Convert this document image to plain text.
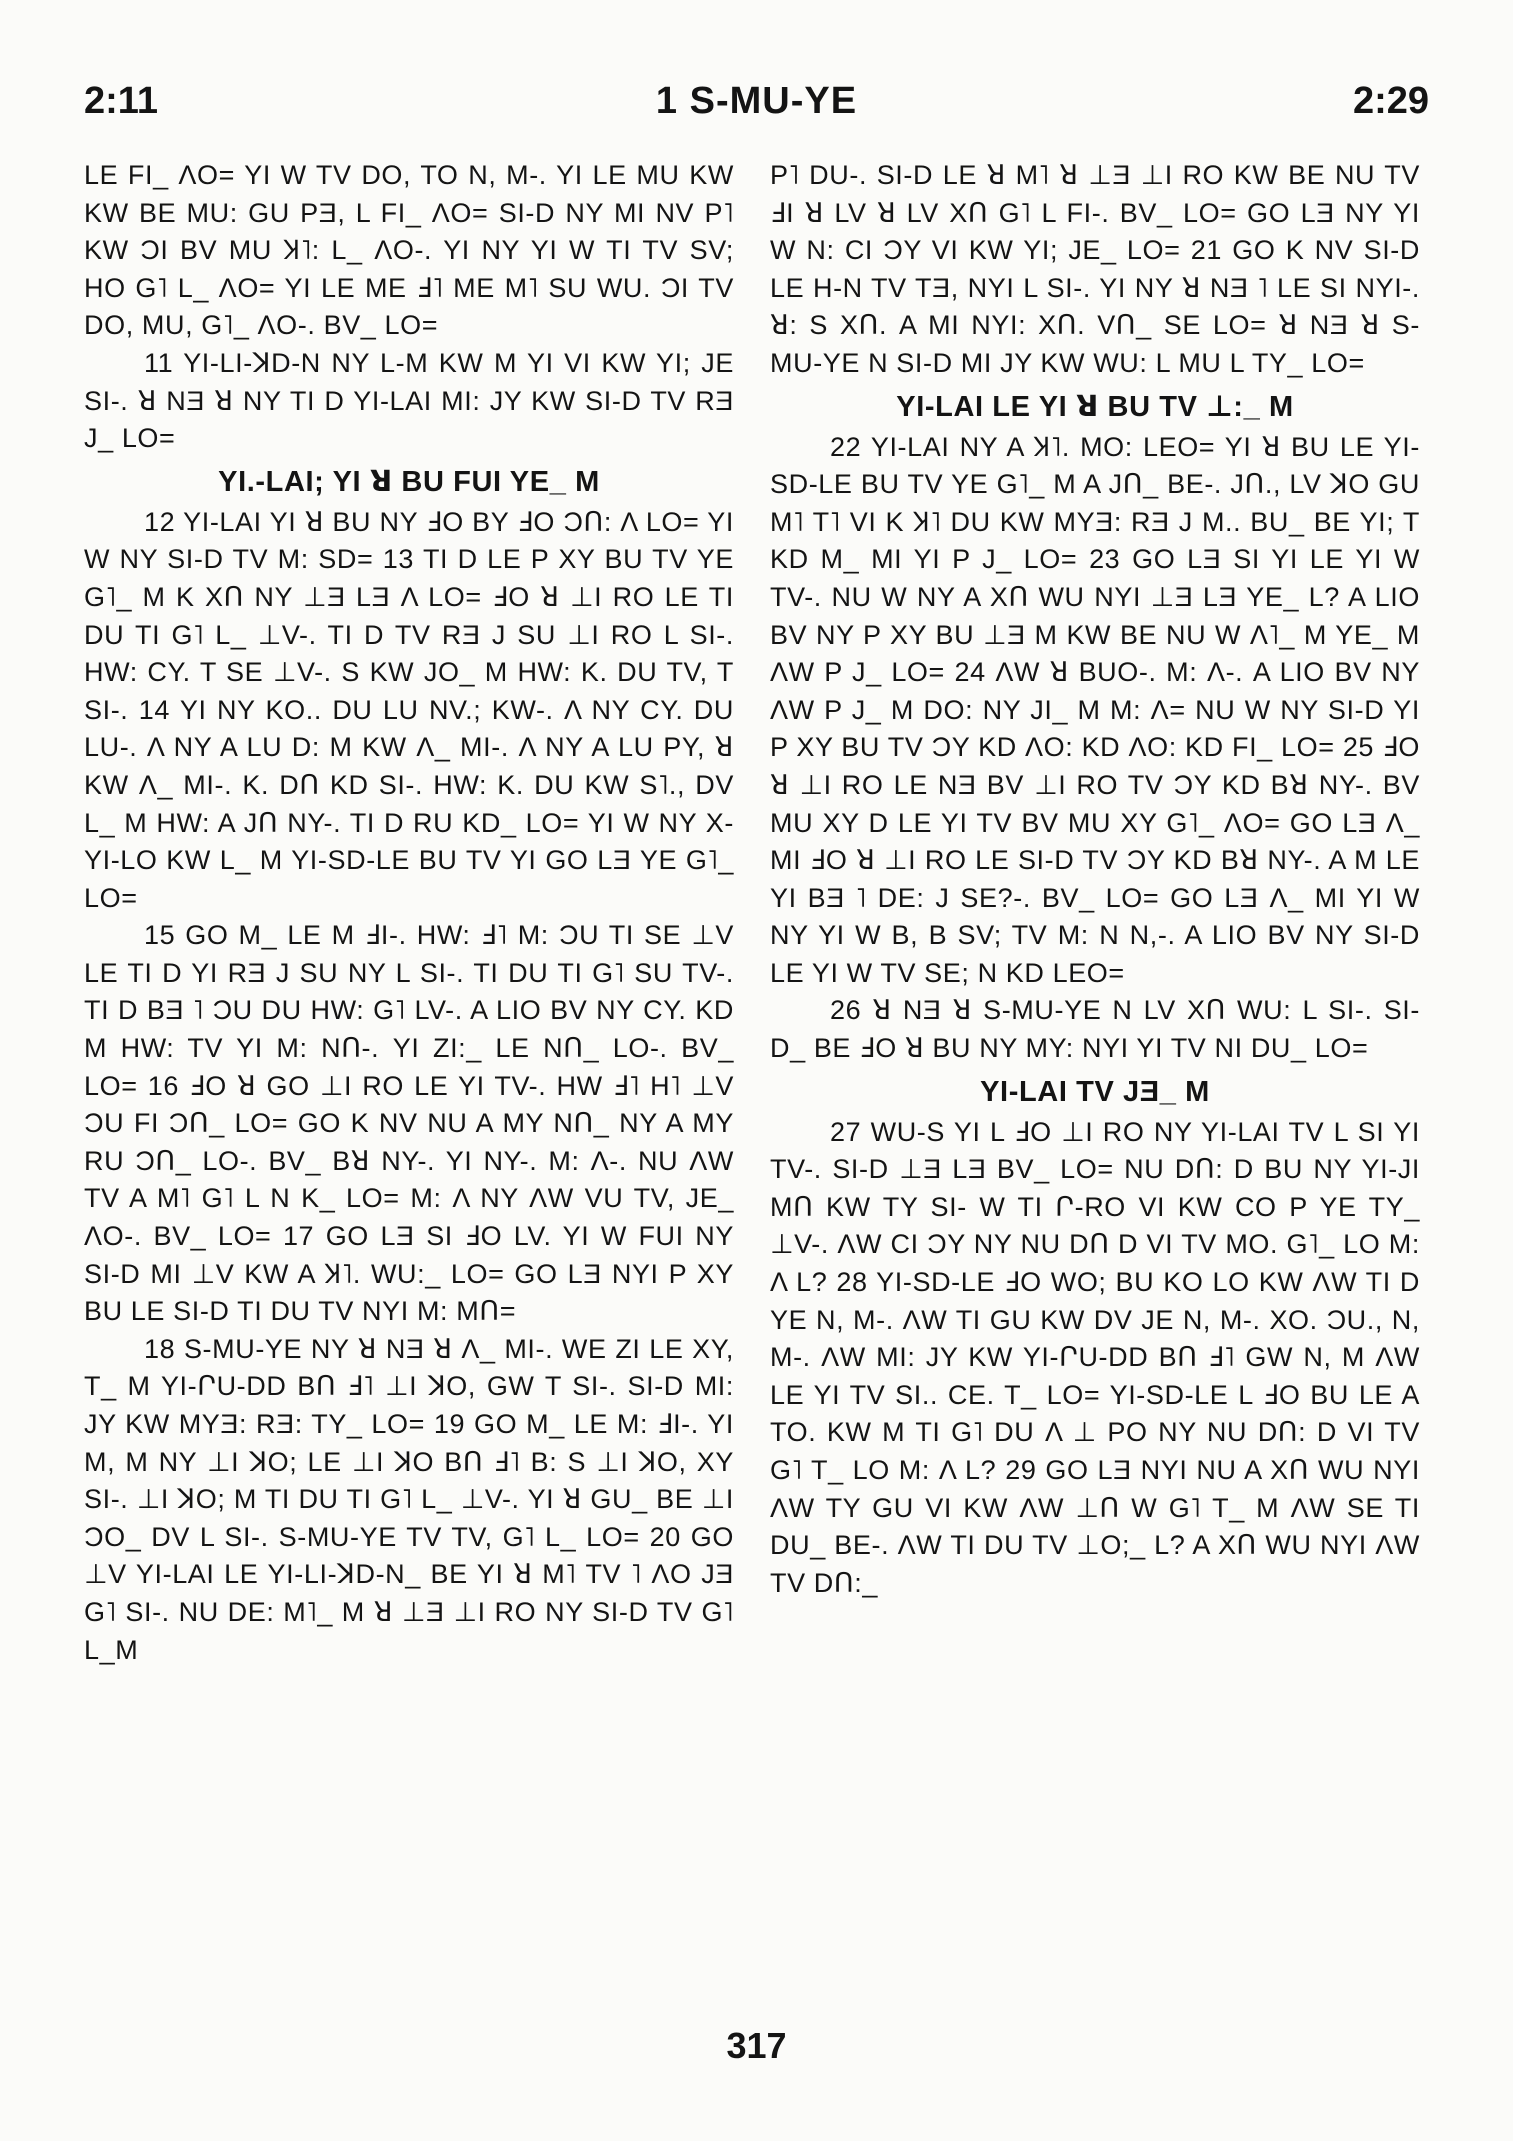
2:11	1 S-MU-YE	2:29

LE FI_ ΛO= YI W TV DO, TO N, M-. YI LE MU KW KW BE MU: GU PƎ, L FI_ ΛO= SI-D NY MI NV P˥ KW ƆI BV MU Ʞ˥: L_ ΛO-. YI NY YI W TI TV SV; HO G˥ L_ ΛO= YI LE ME Ⅎ˥ ME M˥ SU WU. ƆI TV DO, MU, G˥_ ΛO-. BV_ LO=

11 YI-LI-ꓘD-N NY L-M KW M YI VI KW YI; JE SI-. ꓤ NƎ ꓤ NY TI D YI-LAI MI: JY KW SI-D TV RƎ J_ LO=

YI.-LAI; YI ꓤ BU FUI YE_ M

12 YI-LAI YI ꓤ BU NY ℲO BY ℲO ƆՈ: Λ LO= YI W NY SI-D TV M: SD= 13 TI D LE P XY BU TV YE G˥_ M K XՈ NY ⊥Ǝ LƎ Λ LO= ℲO ꓤ ⊥I RO LE TI DU TI G˥ L_ ⊥V-. TI D TV RƎ J SU ⊥I RO L SI-. HW: CY. T SE ⊥V-. S KW JO_ M HW: K. DU TV, T SI-. 14 YI NY KO.. DU LU NV.; KW-. Λ NY CY. DU LU-. Λ NY A LU D: M KW Λ_ MI-. Λ NY A LU PY, ꓤ KW Λ_ MI-. K. DՈ KD SI-. HW: K. DU KW S˥., DV L_ M HW: A JՈ NY-. TI D RU KD_ LO= YI W NY X-YI-LO KW L_ M YI-SD-LE BU TV YI GO LƎ YE G˥_ LO=

15 GO M_ LE M ℲI-. HW: Ⅎ˥ M: ƆU TI SE ⊥V LE TI D YI RƎ J SU NY L SI-. TI DU TI G˥ SU TV-. TI D BƎ ˥ ƆU DU HW: G˥ LV-. A LIO BV NY CY. KD M HW: TV YI M: NՈ-. YI ZI:_ LE NՈ_ LO-. BV_ LO= 16 ℲO ꓤ GO ⊥I RO LE YI TV-. HW Ⅎ˥ H˥ ⊥V ƆU FI ƆՈ_ LO= GO K NV NU A MY NՈ_ NY A MY RU ƆՈ_ LO-. BV_ Bꓤ NY-. YI NY-. M: Λ-. NU ΛW TV A M˥ G˥ L N K_ LO= M: Λ NY ΛW VU TV, JE_ ΛO-. BV_ LO= 17 GO LƎ SI ℲO LV. YI W FUI NY SI-D MI ⊥V KW A Ʞ˥. WU:_ LO= GO LƎ NYI P XY BU LE SI-D TI DU TV NYI M: MՈ=

18 S-MU-YE NY ꓤ NƎ ꓤ Λ_ MI-. WE ZI LE XY, T_ M YI-ՐU-DD BՈ Ⅎ˥ ⊥I ꓘO, GW T SI-. SI-D MI: JY KW MYƎ: RƎ: TY_ LO= 19 GO M_ LE M: ℲI-. YI M, M NY ⊥I ꓘO; LE ⊥I ꓘO BՈ Ⅎ˥ B: S ⊥I ꓘO, XY SI-. ⊥I ꓘO; M TI DU TI G˥ L_ ⊥V-. YI ꓤ GU_ BE ⊥I ƆO_ DV L SI-. S-MU-YE TV TV, G˥ L_ LO= 20 GO ⊥V YI-LAI LE YI-LI-ꓘD-N_ BE YI ꓤ M˥ TV ˥ ΛO JƎ G˥ SI-. NU DE: M˥_ M ꓤ ⊥Ǝ ⊥I RO NY SI-D TV G˥ L_M

P˥ DU-. SI-D LE ꓤ M˥ ꓤ ⊥Ǝ ⊥I RO KW BE NU TV ℲI ꓤ LV ꓤ LV XՈ G˥ L FI-. BV_ LO= GO LƎ NY YI W N: CI ƆY VI KW YI; JE_ LO= 21 GO K NV SI-D LE H-N TV TƎ, NYI L SI-. YI NY ꓤ NƎ ˥ LE SI NYI-. ꓤ: S XՈ. A MI NYI: XՈ. VՈ_ SE LO= ꓤ NƎ ꓤ S-MU-YE N SI-D MI JY KW WU: L MU L TY_ LO=

YI-LAI LE YI ꓤ BU TV ⊥:_ M

22 YI-LAI NY A Ʞ˥. MO: LEO= YI ꓤ BU LE YI-SD-LE BU TV YE G˥_ M A JՈ_ BE-. JՈ., LV ꓘO GU M˥ T˥ VI K Ʞ˥ DU KW MYƎ: RƎ J M.. BU_ BE YI; T KD M_ MI YI P J_ LO= 23 GO LƎ SI YI LE YI W TV-. NU W NY A XՈ WU NYI ⊥Ǝ LƎ YE_ L? A LIO BV NY P XY BU ⊥Ǝ M KW BE NU W Λ˥_ M YE_ M ΛW P J_ LO= 24 ΛW ꓤ BUO-. M: Λ-. A LIO BV NY ΛW P J_ M DO: NY JI_ M M: Λ= NU W NY SI-D YI P XY BU TV ƆY KD ΛO: KD ΛO: KD FI_ LO= 25 ℲO ꓤ ⊥I RO LE NƎ BV ⊥I RO TV ƆY KD Bꓤ NY-. BV MU XY D LE YI TV BV MU XY G˥_ ΛO= GO LƎ Λ_ MI ℲO ꓤ ⊥I RO LE SI-D TV ƆY KD Bꓤ NY-. A M LE YI BƎ ˥ DE: J SE?-. BV_ LO= GO LƎ Λ_ MI YI W NY YI W B, B SV; TV M: N N,-. A LIO BV NY SI-D LE YI W TV SE; N KD LEO=

26 ꓤ NƎ ꓤ S-MU-YE N LV XՈ WU: L SI-. SI-D_ BE ℲO ꓤ BU NY MY: NYI YI TV NI DU_ LO=

YI-LAI TV JƎ_ M

27 WU-S YI L ℲO ⊥I RO NY YI-LAI TV L SI YI TV-. SI-D ⊥Ǝ LƎ BV_ LO= NU DՈ: D BU NY YI-JI MՈ KW TY SI- W TI Ր-RO VI KW CO P YE TY_ ⊥V-. ΛW CI ƆY NY NU DՈ D VI TV MO. G˥_ LO M: Λ L? 28 YI-SD-LE ℲO WO; BU KO LO KW ΛW TI D YE N, M-. ΛW TI GU KW DV JE N, M-. XO. ƆU., N, M-. ΛW MI: JY KW YI-ՐU-DD BՈ Ⅎ˥ GW N, M ΛW LE YI TV SI.. CE. T_ LO= YI-SD-LE L ℲO BU LE A TO. KW M TI G˥ DU Λ ⊥ PO NY NU DՈ: D VI TV G˥ T_ LO M: Λ L? 29 GO LƎ NYI NU A XՈ WU NYI ΛW TY GU VI KW ΛW ⊥Ո W G˥ T_ M ΛW SE TI DU_ BE-. ΛW TI DU TV ⊥O;_ L? A XՈ WU NYI ΛW TV DՈ:_

317
